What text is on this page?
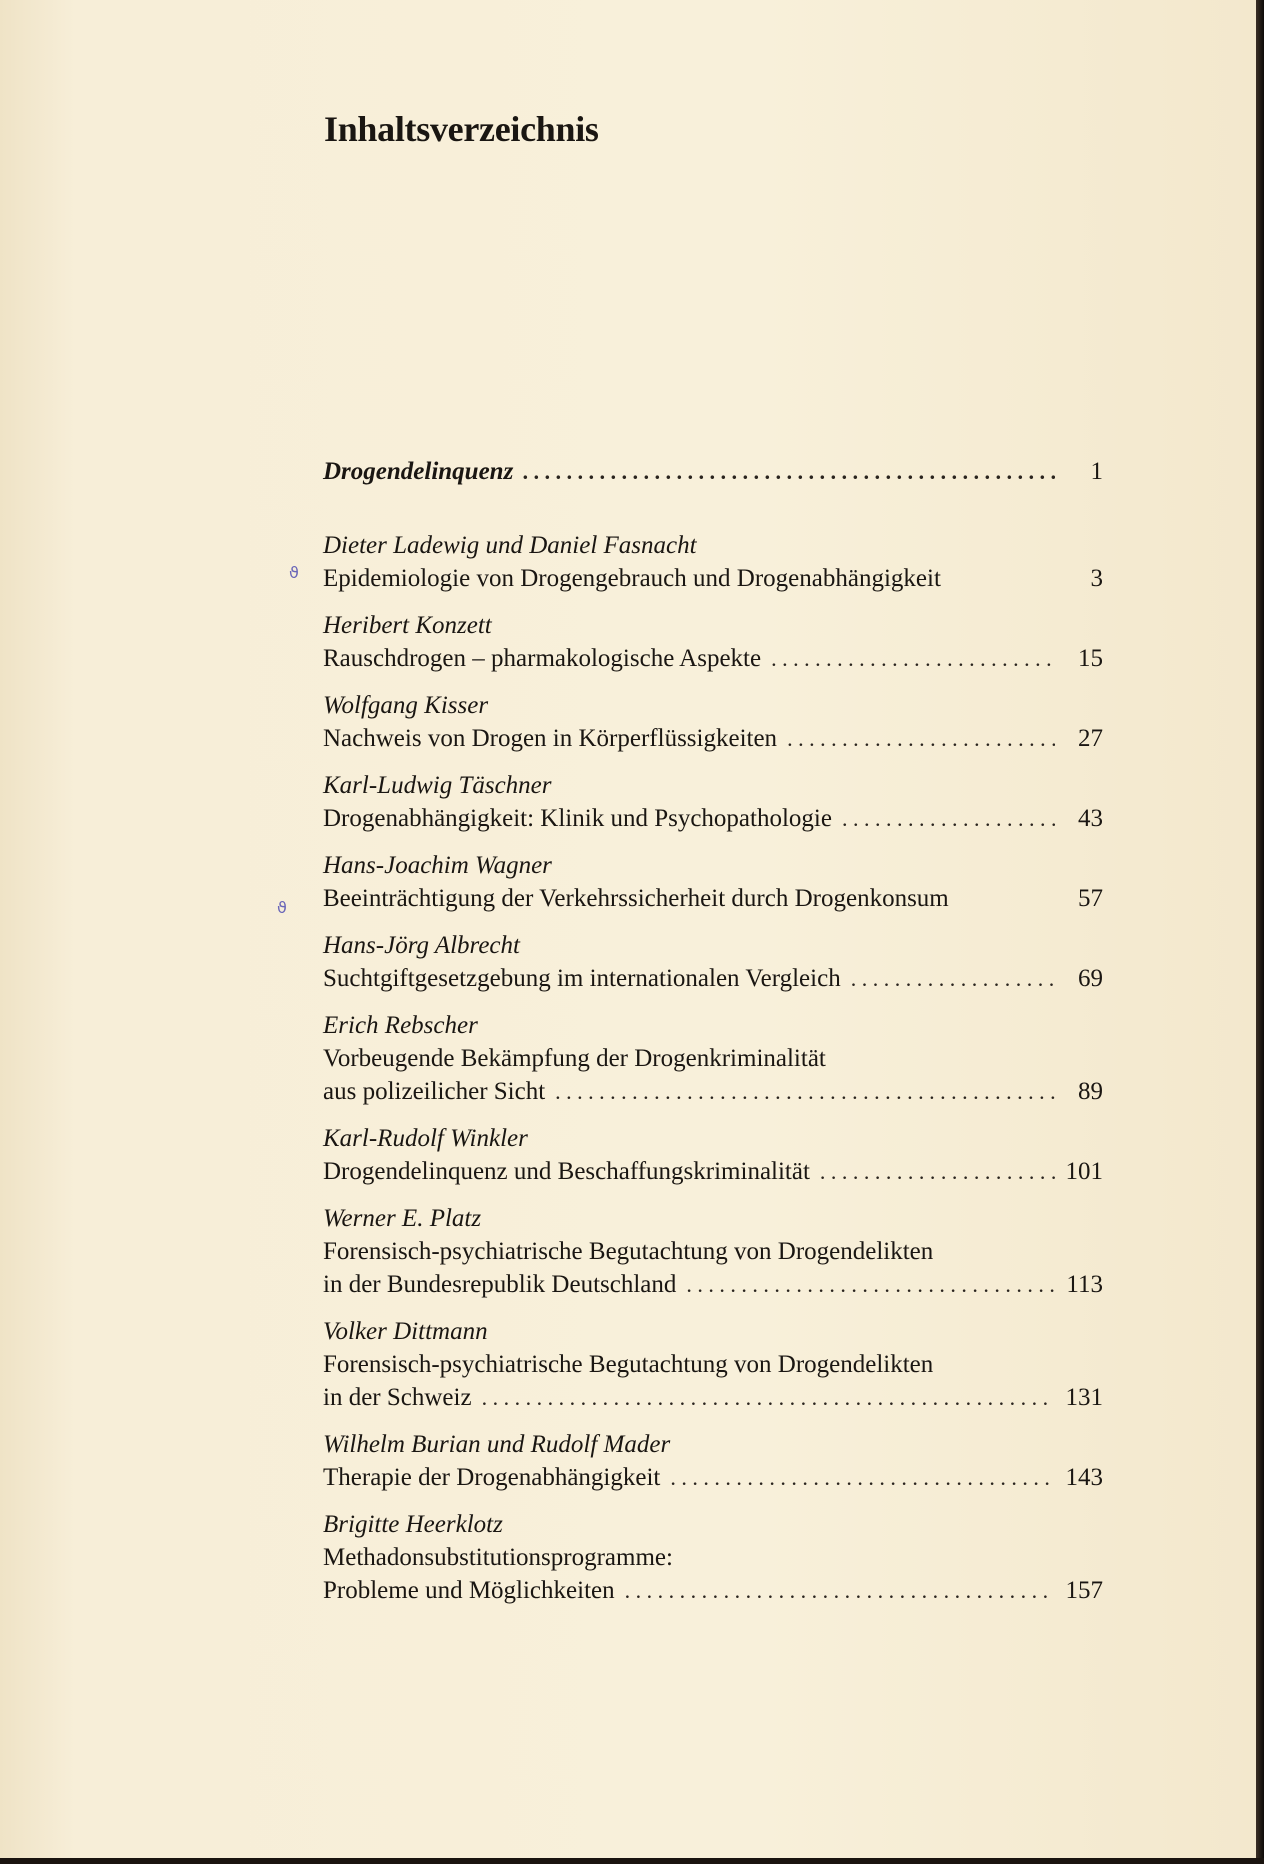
Inhaltsverzeichnis
Drogendelinquenz . . .	1
Dieter Ladewig und Daniel Fasnacht
Epidemiologie von Drogengebrauch und Drogenabhängigkeit	3
Heribert Konzett
Rauschdrogen – pharmakologische Aspekte . . .	15
Wolfgang Kisser
Nachweis von Drogen in Körperflüssigkeiten . . .	27
Karl-Ludwig Täschner
Drogenabhängigkeit: Klinik und Psychopathologie . . .	43
Hans-Joachim Wagner
Beeinträchtigung der Verkehrssicherheit durch Drogenkonsum	57
Hans-Jörg Albrecht
Suchtgiftgesetzgebung im internationalen Vergleich . . .	69
Erich Rebscher
Vorbeugende Bekämpfung der Drogenkriminalität
aus polizeilicher Sicht . . .	89
Karl-Rudolf Winkler
Drogendelinquenz und Beschaffungskriminalität . . .	101
Werner E. Platz
Forensisch-psychiatrische Begutachtung von Drogendelikten
in der Bundesrepublik Deutschland . . .	113
Volker Dittmann
Forensisch-psychiatrische Begutachtung von Drogendelikten
in der Schweiz . . .	131
Wilhelm Burian und Rudolf Mader
Therapie der Drogenabhängigkeit . . .	143
Brigitte Heerklotz
Methadonsubstitutionsprogramme:
Probleme und Möglichkeiten . . .	157
ϑ
ϑ
